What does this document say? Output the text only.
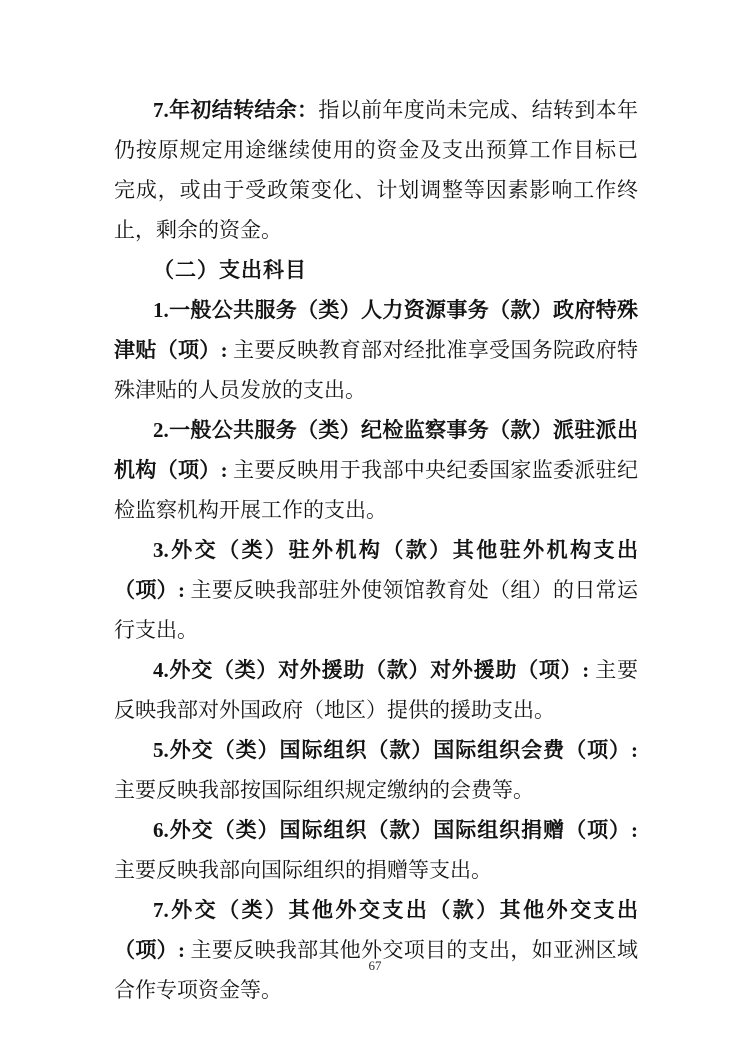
7.年初结转结余：指以前年度尚未完成、结转到本年仍按原规定用途继续使用的资金及支出预算工作目标已完成，或由于受政策变化、计划调整等因素影响工作终止，剩余的资金。

（二）支出科目

1.一般公共服务（类）人力资源事务（款）政府特殊津贴（项）: 主要反映教育部对经批准享受国务院政府特殊津贴的人员发放的支出。

2.一般公共服务（类）纪检监察事务（款）派驻派出机构（项）: 主要反映用于我部中央纪委国家监委派驻纪检监察机构开展工作的支出。

3.外交（类）驻外机构（款）其他驻外机构支出（项）: 主要反映我部驻外使领馆教育处（组）的日常运行支出。

4.外交（类）对外援助（款）对外援助（项）: 主要反映我部对外国政府（地区）提供的援助支出。

5.外交（类）国际组织（款）国际组织会费（项）: 主要反映我部按国际组织规定缴纳的会费等。

6.外交（类）国际组织（款）国际组织捐赠（项）: 主要反映我部向国际组织的捐赠等支出。

7.外交（类）其他外交支出（款）其他外交支出（项）: 主要反映我部其他外交项目的支出，如亚洲区域合作专项资金等。

67
